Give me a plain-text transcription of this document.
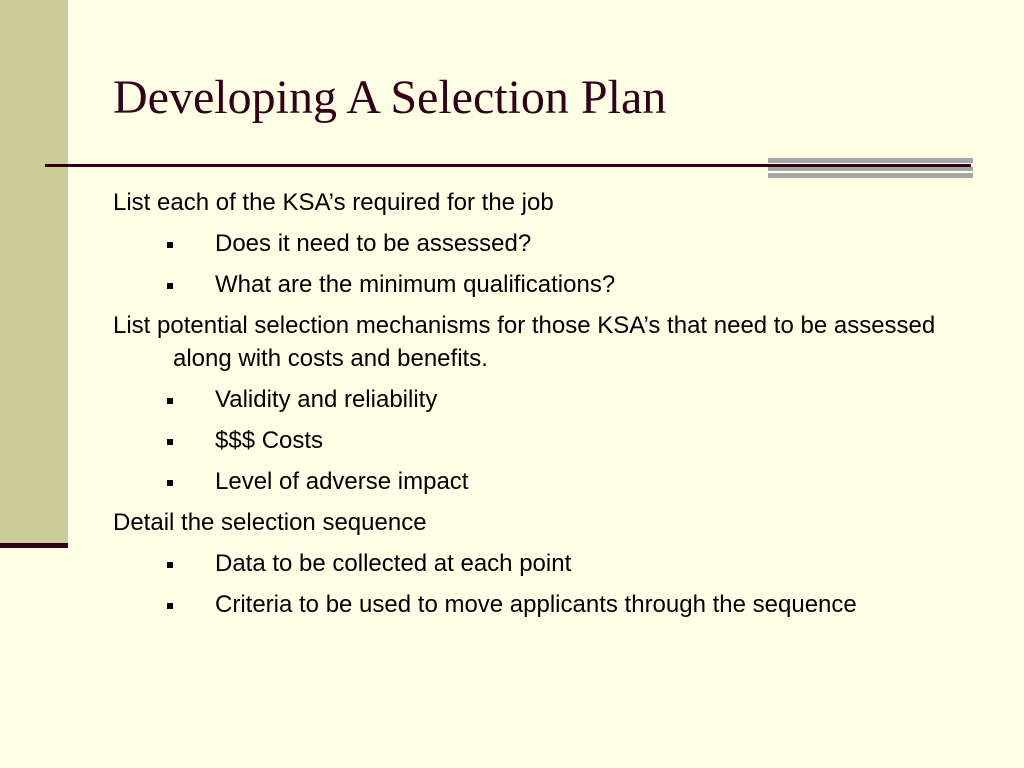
Developing A Selection Plan

List each of the KSA’s required for the job

Does it need to be assessed?
What are the minimum qualifications?

List potential selection mechanisms for those KSA’s that need to be assessed along with costs and benefits.

Validity and reliability
$$$ Costs
Level of adverse impact

Detail the selection sequence

Data to be collected at each point
Criteria to be used to move applicants through the sequence
